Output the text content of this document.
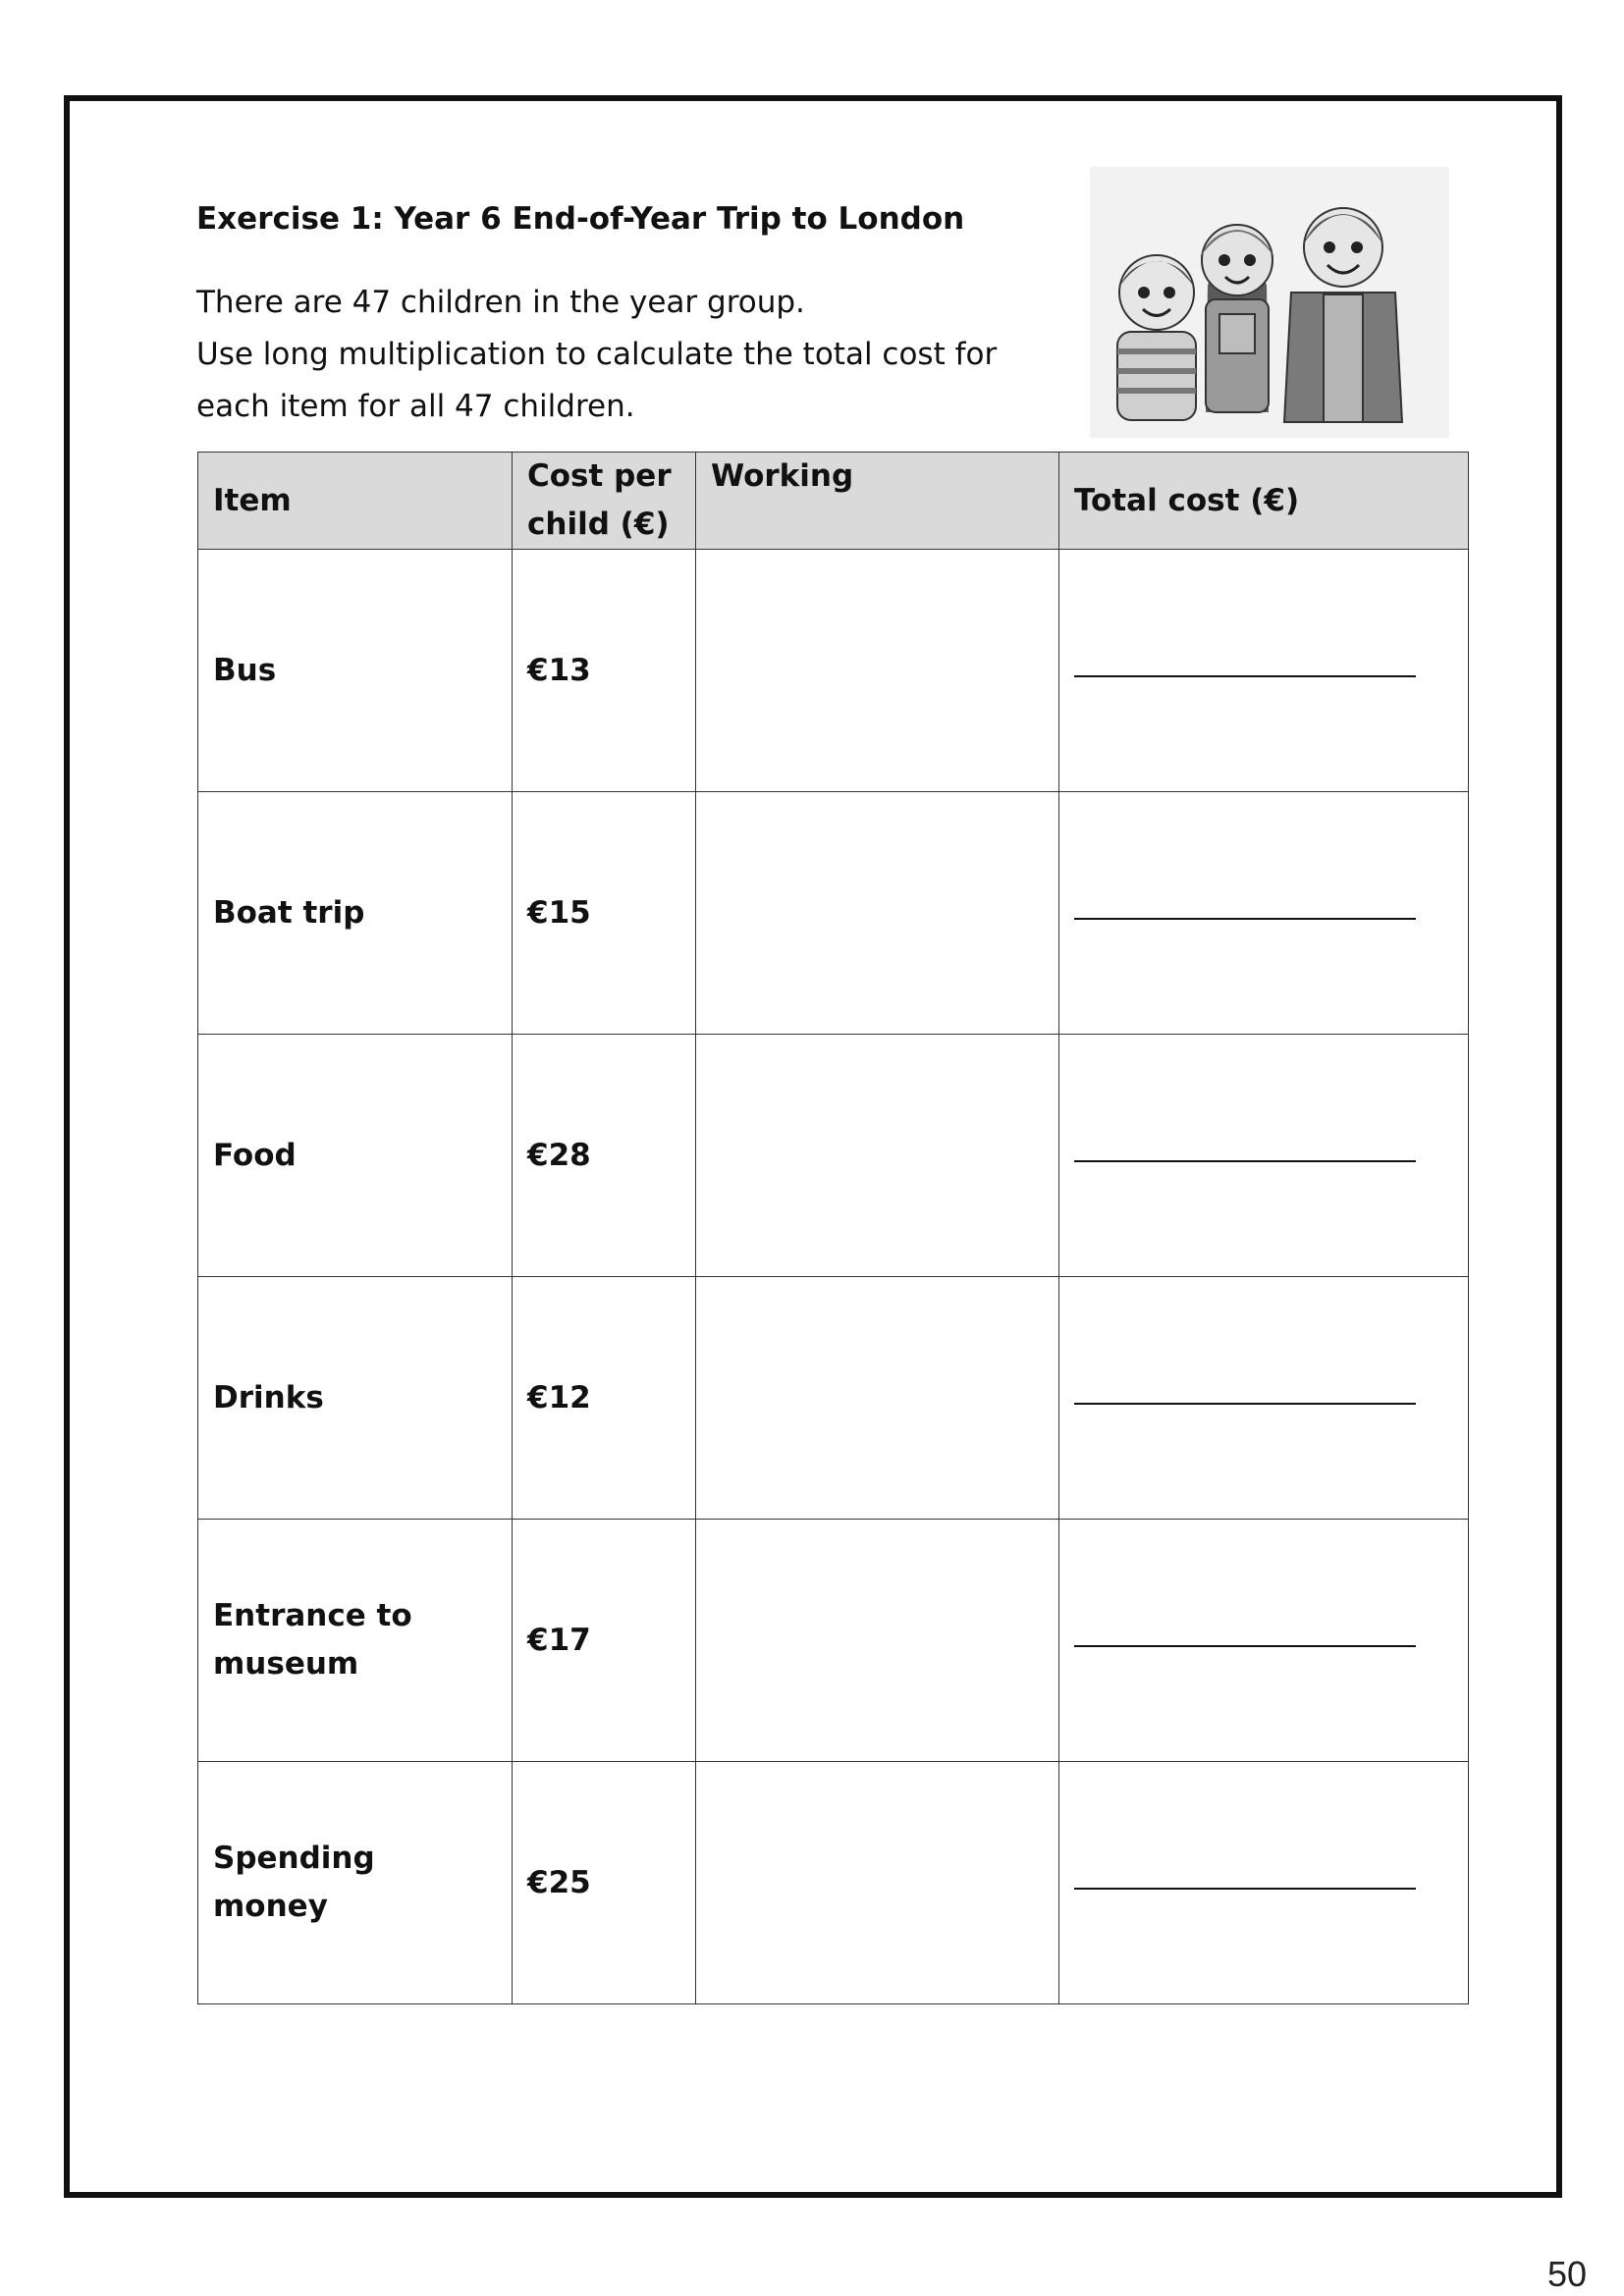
Exercise 1: Year 6 End-of-Year Trip to London

There are 47 children in the year group.

Use long multiplication to calculate the total cost for each item for all 47 children.

Item	Cost per child (€)	Working	Total cost (€)
Bus	€13		

Boat trip	€15		

Food	€28		

Drinks	€12		

Entrance to museum	€17		

Spending money	€25		
50
